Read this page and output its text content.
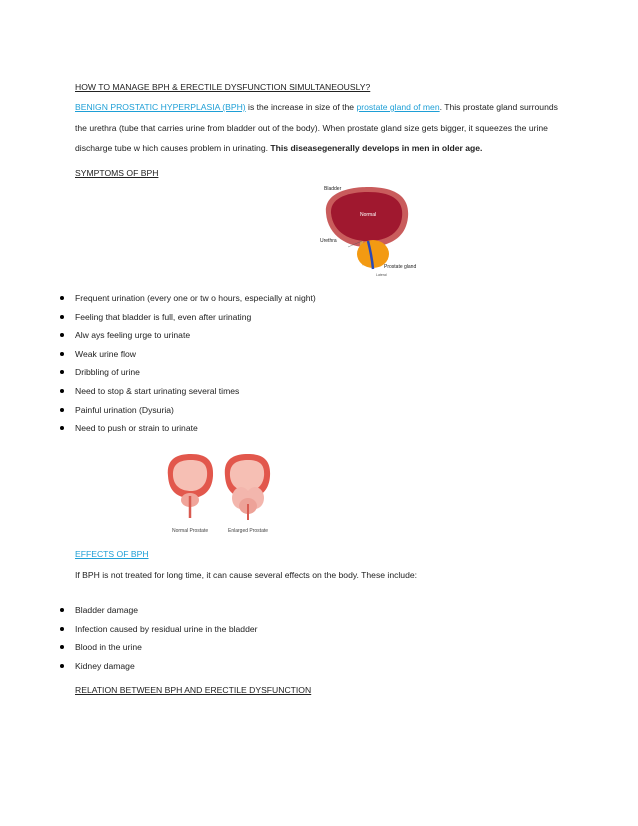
HOW TO MANAGE BPH & ERECTILE DYSFUNCTION SIMULTANEOUSLY?
BENIGN PROSTATIC HYPERPLASIA (BPH) is the increase in size of the prostate gland of men. This prostate gland surrounds the urethra (tube that carries urine from bladder out of the body). When prostate gland size gets bigger, it squeezes the urine discharge tube w hich causes problem in urinating. This diseasegenerally develops in men in older age.
SYMPTOMS OF BPH
Bladder
Normal
Urethra
Prostate gland
Lateral
Frequent urination (every one or tw o hours, especially at night)
Feeling that bladder is full, even after urinating
Alw ays feeling urge to urinate
Weak urine flow
Dribbling of urine
Need to stop & start urinating several times
Painful urination (Dysuria)
Need to push or strain to urinate
Normal Prostate	Enlarged Prostate
EFFECTS OF BPH
If BPH is not treated for long time, it can cause several effects on the body. These include:
Bladder damage
Infection caused by residual urine in the bladder
Blood in the urine
Kidney damage
RELATION BETWEEN BPH AND ERECTILE DYSFUNCTION
